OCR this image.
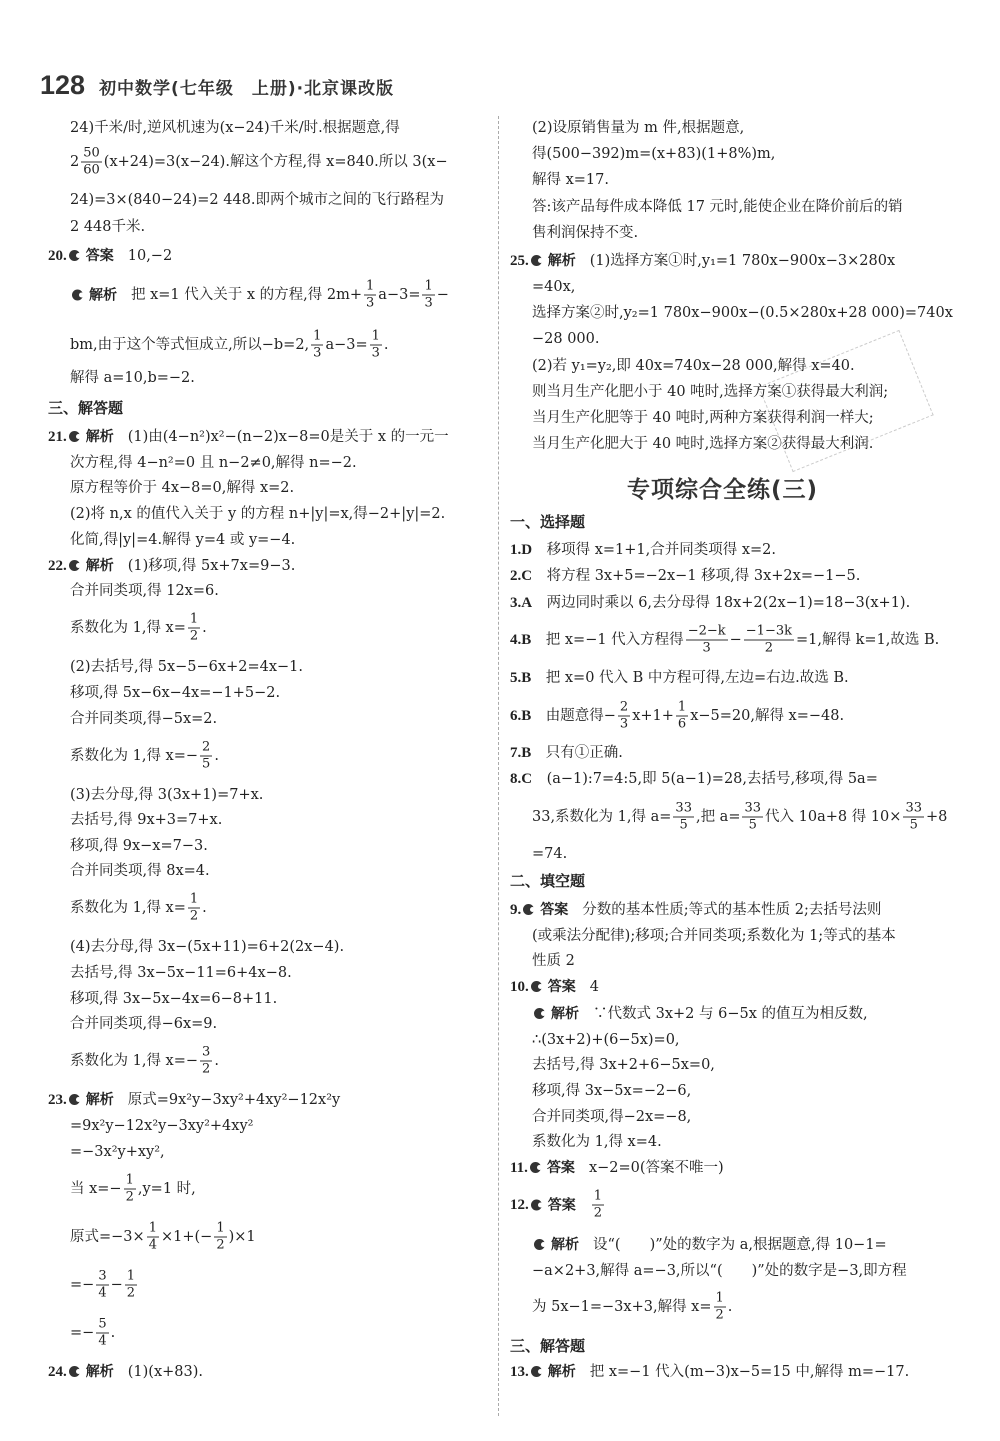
128 初中数学(七年级　上册)·北京课改版
24)千米/时,逆风机速为(x−24)千米/时.根据题意,得
$2 \frac{50}{60} (x+24)=3(x-24)$.解这个方程,得 x=840.所以 3(x−
24)=3×(840−24)=2 448.即两个城市之间的飞行路程为
2 448千米.
20. 答案 10,−2
解析 把 x=1 代入关于 x 的方程,得 $2m+ \frac{1}{3} a-3= \frac{1}{3}$ −
bm,由于这个等式恒成立,所以−b=2, $\frac{1}{3} a-3= \frac{1}{3}$ .
解得 a=10,b=−2.
三、解答题
21. 解析 (1)由(4−n²)x²−(n−2)x−8=0是关于 x 的一元一
次方程,得 4−n²=0 且 n−2≠0,解得 n=−2.
原方程等价于 4x−8=0,解得 x=2.
(2)将 n,x 的值代入关于 y 的方程 n+|y|=x,得−2+|y|=2.
化简,得|y|=4.解得 y=4 或 y=−4.
22. 解析 (1)移项,得 5x+7x=9−3.
合并同类项,得 12x=6.
系数化为 1,得 $x= \frac{1}{2}$ .
(2)去括号,得 5x−5−6x+2=4x−1.
移项,得 5x−6x−4x=−1+5−2.
合并同类项,得−5x=2.
系数化为 1,得 $x=- \frac{2}{5}$ .
(3)去分母,得 3(3x+1)=7+x.
去括号,得 9x+3=7+x.
移项,得 9x−x=7−3.
合并同类项,得 8x=4.
系数化为 1,得 $x= \frac{1}{2}$ .
(4)去分母,得 3x−(5x+11)=6+2(2x−4).
去括号,得 3x−5x−11=6+4x−8.
移项,得 3x−5x−4x=6−8+11.
合并同类项,得−6x=9.
系数化为 1,得 $x=- \frac{3}{2}$ .
23. 解析 原式=9x²y−3xy²+4xy²−12x²y
=9x²y−12x²y−3xy²+4xy²
=−3x²y+xy²,
当 $x=- \frac{1}{2} ,y=1$ 时,
原式$=-3\times \frac{1}{4} \times 1+(- \frac{1}{2} )\times 1$
=− $\frac{3}{4} - \frac{1}{2}$
=− $\frac{5}{4}$ .
24. 解析 (1)(x+83).
(2)设原销售量为 m 件,根据题意,
得(500−392)m=(x+83)(1+8%)m,
解得 x=17.
答:该产品每件成本降低 17 元时,能使企业在降价前后的销
售利润保持不变.
25. 解析 (1)选择方案①时,y₁=1 780x−900x−3×280x
=40x,
选择方案②时,y₂=1 780x−900x−(0.5×280x+28 000)=740x
−28 000.
(2)若 y₁=y₂,即 40x=740x−28 000,解得 x=40.
则当月生产化肥小于 40 吨时,选择方案①获得最大利润;
当月生产化肥等于 40 吨时,两种方案获得利润一样大;
当月生产化肥大于 40 吨时,选择方案②获得最大利润.
一、选择题
1.D　移项得 x=1+1,合并同类项得 x=2.
2.C　将方程 3x+5=−2x−1 移项,得 3x+2x=−1−5.
3.A　两边同时乘以 6,去分母得 18x+2(2x−1)=18−3(x+1).
4.B　把 x=−1 代入方程得 $\frac{-2-k}{3} - \frac{-1-3k}{2} =1$,解得 k=1,故选 B.
5.B　把 x=0 代入 B 中方程可得,左边=右边.故选 B.
6.B　由题意得− $\frac{2}{3} x+1+ \frac{1}{6} x-5=20$,解得 x=−48.
7.B　只有①正确.
8.C　(a−1):7=4:5,即 5(a−1)=28,去括号,移项,得 5a=
33,系数化为 1,得 $a= \frac{33}{5}$ ,把 $a= \frac{33}{5}$ 代入 10a+8 得 $10\times \frac{33}{5} +8$
=74.
二、填空题
9. 答案 分数的基本性质;等式的基本性质 2;去括号法则
(或乘法分配律);移项;合并同类项;系数化为 1;等式的基本
性质 2
10. 答案 4
解析 ∵代数式 3x+2 与 6−5x 的值互为相反数,
∴(3x+2)+(6−5x)=0,
去括号,得 3x+2+6−5x=0,
移项,得 3x−5x=−2−6,
合并同类项,得−2x=−8,
系数化为 1,得 x=4.
11. 答案 x−2=0(答案不唯一)
12. 答案 $\frac{1}{2}$
解析 设“(　　)”处的数字为 a,根据题意,得 10−1=
−a×2+3,解得 a=−3,所以“(　　)”处的数字是−3,即方程
为 5x−1=−3x+3,解得 $x= \frac{1}{2}$ .
三、解答题
13. 解析 把 x=−1 代入(m−3)x−5=15 中,解得 m=−17.
专项综合全练(三)
